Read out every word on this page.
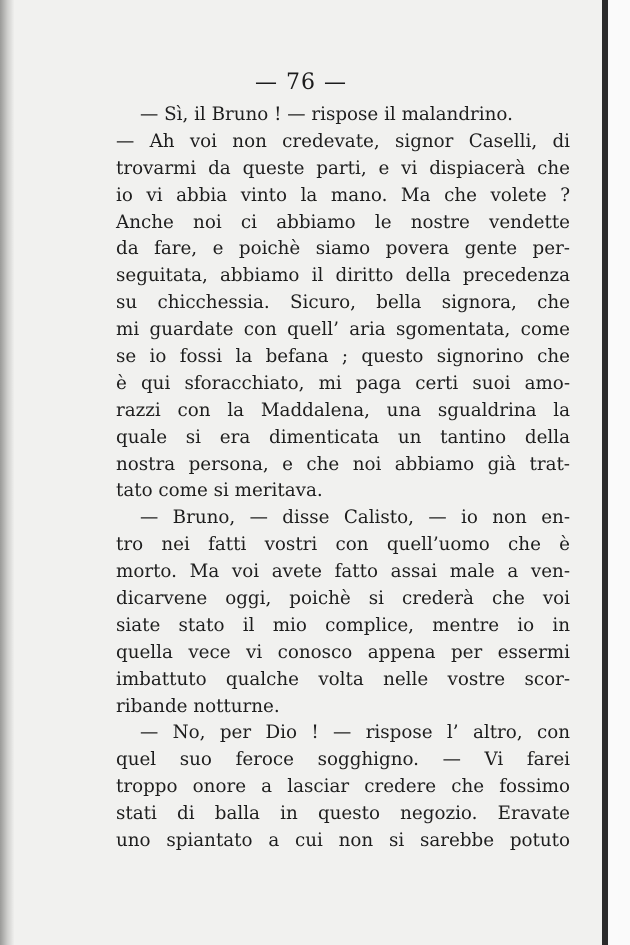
— 76 —

— Sì, il Bruno ! — rispose il malandrino.
— Ah voi non credevate, signor Caselli, di
trovarmi da queste parti, e vi dispiacerà che
io vi abbia vinto la mano. Ma che volete ?
Anche noi ci abbiamo le nostre vendette
da fare, e poichè siamo povera gente per-
seguitata, abbiamo il diritto della precedenza
su chicchessia. Sicuro, bella signora, che
mi guardate con quell’ aria sgomentata, come
se io fossi la befana ; questo signorino che
è qui sforacchiato, mi paga certi suoi amo-
razzi con la Maddalena, una sgualdrina la
quale si era dimenticata un tantino della
nostra persona, e che noi abbiamo già trat-
tato come si meritava.
— Bruno, — disse Calisto, — io non en-
tro nei fatti vostri con quell’uomo che è
morto. Ma voi avete fatto assai male a ven-
dicarvene oggi, poichè si crederà che voi
siate stato il mio complice, mentre io in
quella vece vi conosco appena per essermi
imbattuto qualche volta nelle vostre scor-
ribande notturne.
— No, per Dio ! — rispose l’ altro, con
quel suo feroce sogghigno. — Vi farei
troppo onore a lasciar credere che fossimo
stati di balla in questo negozio. Eravate
uno spiantato a cui non si sarebbe potuto
